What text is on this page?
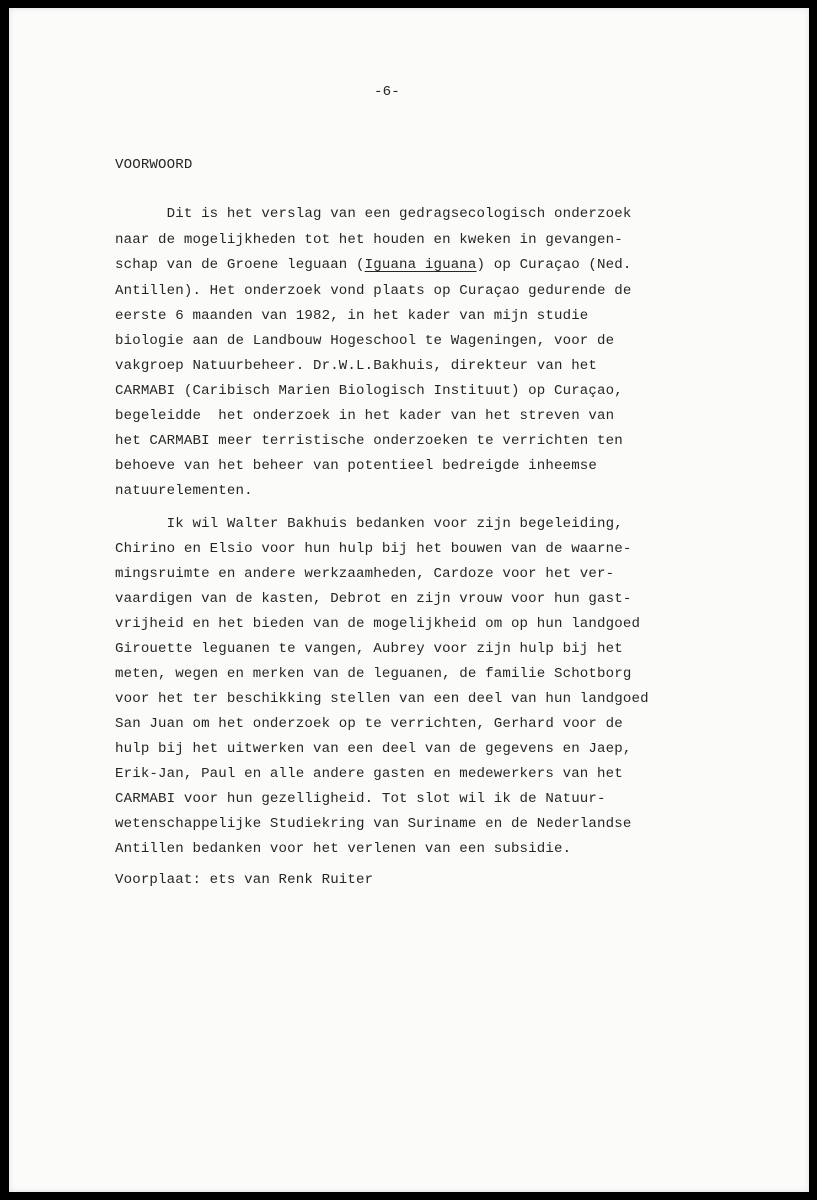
-6-
VOORWOORD
Dit is het verslag van een gedragsecologisch onderzoek
naar de mogelijkheden tot het houden en kweken in gevangen-
schap van de Groene leguaan (Iguana iguana) op Curaçao (Ned.
Antillen). Het onderzoek vond plaats op Curaçao gedurende de
eerste 6 maanden van 1982, in het kader van mijn studie
biologie aan de Landbouw Hogeschool te Wageningen, voor de
vakgroep Natuurbeheer. Dr.W.L.Bakhuis, direkteur van het
CARMABI (Caribisch Marien Biologisch Instituut) op Curaçao,
begeleidde  het onderzoek in het kader van het streven van
het CARMABI meer terristische onderzoeken te verrichten ten
behoeve van het beheer van potentieel bedreigde inheemse
natuurelementen.
Ik wil Walter Bakhuis bedanken voor zijn begeleiding,
Chirino en Elsio voor hun hulp bij het bouwen van de waarne-
mingsruimte en andere werkzaamheden, Cardoze voor het ver-
vaardigen van de kasten, Debrot en zijn vrouw voor hun gast-
vrijheid en het bieden van de mogelijkheid om op hun landgoed
Girouette leguanen te vangen, Aubrey voor zijn hulp bij het
meten, wegen en merken van de leguanen, de familie Schotborg
voor het ter beschikking stellen van een deel van hun landgoed
San Juan om het onderzoek op te verrichten, Gerhard voor de
hulp bij het uitwerken van een deel van de gegevens en Jaep,
Erik-Jan, Paul en alle andere gasten en medewerkers van het
CARMABI voor hun gezelligheid. Tot slot wil ik de Natuur-
wetenschappelijke Studiekring van Suriname en de Nederlandse
Antillen bedanken voor het verlenen van een subsidie.
Voorplaat: ets van Renk Ruiter
